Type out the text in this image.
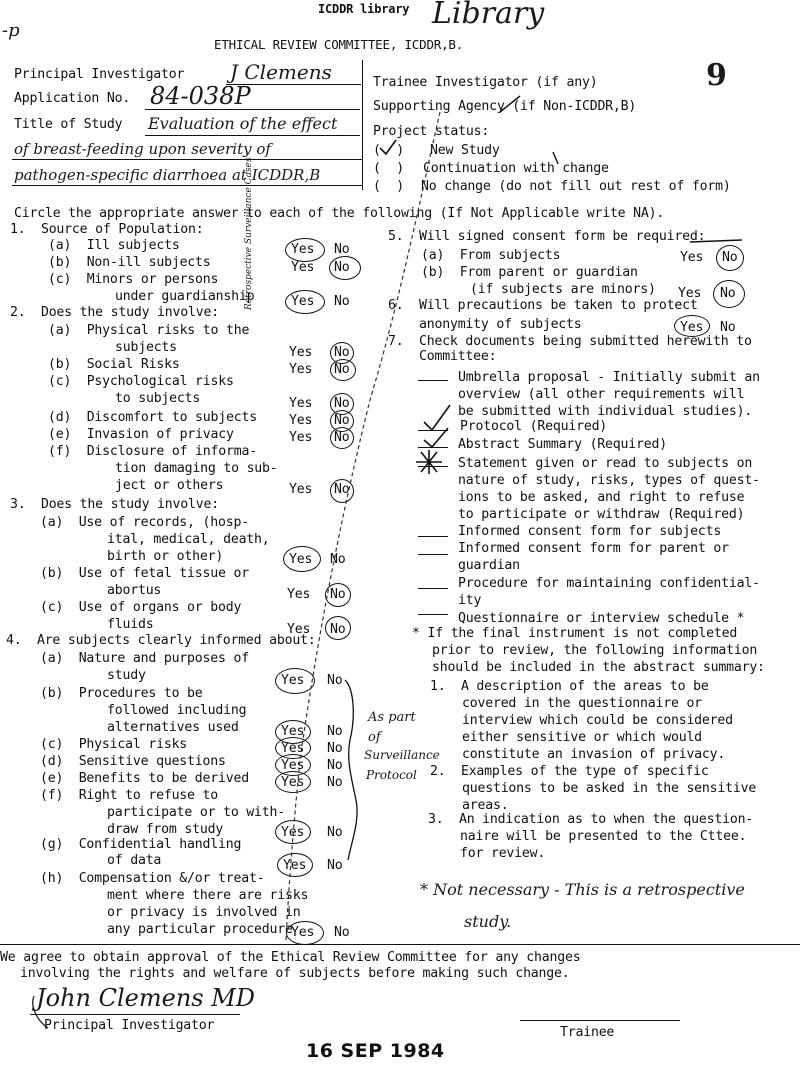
-p
ICDDR library Library
ETHICAL REVIEW COMMITTEE, ICDDR,B.
9
Principal Investigator J Clemens
Application No. 84-038P
Title of Study Evaluation of the effect
of breast-feeding upon severity of
pathogen-specific diarrhoea at ICDDR,B
Trainee Investigator (if any)
Supporting Agency (if Non-ICDDR,B)
Project status:
(  ) New Study
(  ) Continuation with change
(  ) No change (do not fill out rest of form)
Circle the appropriate answer to each of the following (If Not Applicable write NA).
1.  Source of Population:
(a)  Ill subjects	Yes No
(b)  Non-ill subjects	Yes No
(c)  Minors or persons
under guardianship	Yes No
Retrospective Surveillance Cases
2.  Does the study involve:
(a)  Physical risks to the
subjects	Yes No
(b)  Social Risks	Yes No
(c)  Psychological risks
to subjects	Yes No
(d)  Discomfort to subjects Yes No
(e)  Invasion of privacy	Yes No
(f)  Disclosure of informa-
tion damaging to sub-
ject or others	Yes No
3.  Does the study involve:
(a)  Use of records, (hosp-
ital, medical, death,
birth or other)	Yes No
(b)  Use of fetal tissue or
abortus	Yes No
(c)  Use of organs or body
fluids	Yes No
4.  Are subjects clearly informed about:
(a)  Nature and purposes of
study	Yes No
(b)  Procedures to be
followed including
alternatives used	Yes No
(c)  Physical risks	Yes No
(d)  Sensitive questions	Yes No
(e)  Benefits to be derived Yes No
(f)  Right to refuse to
participate or to with-
draw from study	Yes No
(g)  Confidential handling
of data	Yes No
(h)  Compensation &/or treat-
ment where there are risks
or privacy is involved in
any particular procedure
Yes No
As part
of
Surveillance
Protocol
5.  Will signed consent form be required:
(a)  From subjects	Yes No
(b)  From parent or guardian
(if subjects are minors) Yes No
6.  Will precautions be taken to protect
anonymity of subjects	Yes No
7.  Check documents being submitted herewith to
Committee:
Umbrella proposal - Initially submit an
overview (all other requirements will
be submitted with individual studies).
Protocol (Required)
Abstract Summary (Required)
Statement given or read to subjects on
nature of study, risks, types of quest-
ions to be asked, and right to refuse
to participate or withdraw (Required)
Informed consent form for subjects
Informed consent form for parent or
guardian
Procedure for maintaining confidential-
ity
Questionnaire or interview schedule *
* If the final instrument is not completed
prior to review, the following information
should be included in the abstract summary:
1.  A description of the areas to be
covered in the questionnaire or
interview which could be considered
either sensitive or which would
constitute an invasion of privacy.
2.  Examples of the type of specific
questions to be asked in the sensitive
areas.
3.  An indication as to when the question-
naire will be presented to the Cttee.
for review.
* Not necessary - This is a retrospective
study.
We agree to obtain approval of the Ethical Review Committee for any changes
involving the rights and welfare of subjects before making such change.
John Clemens MD
Principal Investigator	Trainee
16 SEP 1984
